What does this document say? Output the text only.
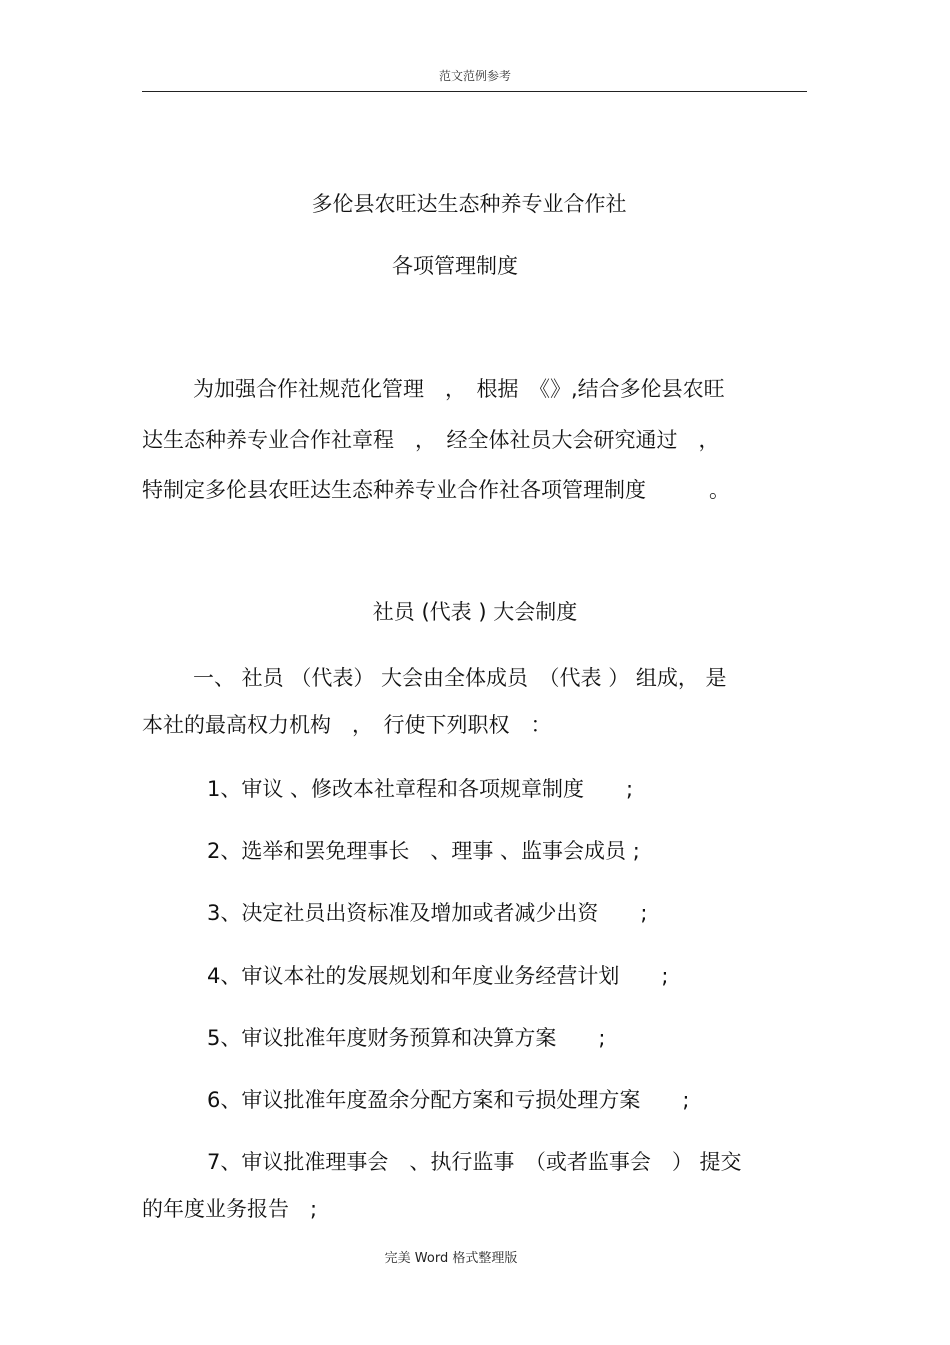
范文范例参考
多伦县农旺达生态种养专业合作社
各项管理制度
为加强合作社规范化管理　，　根据　《》,结合多伦县农旺
达生态种养专业合作社章程　，　经全体社员大会研究通过　，
特制定多伦县农旺达生态种养专业合作社各项管理制度　　　。
社员 (代表 ) 大会制度
一、 社员 （代表） 大会由全体成员　（代表 ） 组成， 是
本社的最高权力机构　，　行使下列职权　：
1、审议 、修改本社章程和各项规章制度　　;
2、选举和罢免理事长　、理事 、监事会成员 ;
3、决定社员出资标准及增加或者减少出资　　;
4、审议本社的发展规划和年度业务经营计划　　;
5、审议批准年度财务预算和决算方案　　;
6、审议批准年度盈余分配方案和亏损处理方案　　;
7、审议批准理事会　、执行监事　（或者监事会　） 提交
的年度业务报告　;
完美 Word 格式整理版
